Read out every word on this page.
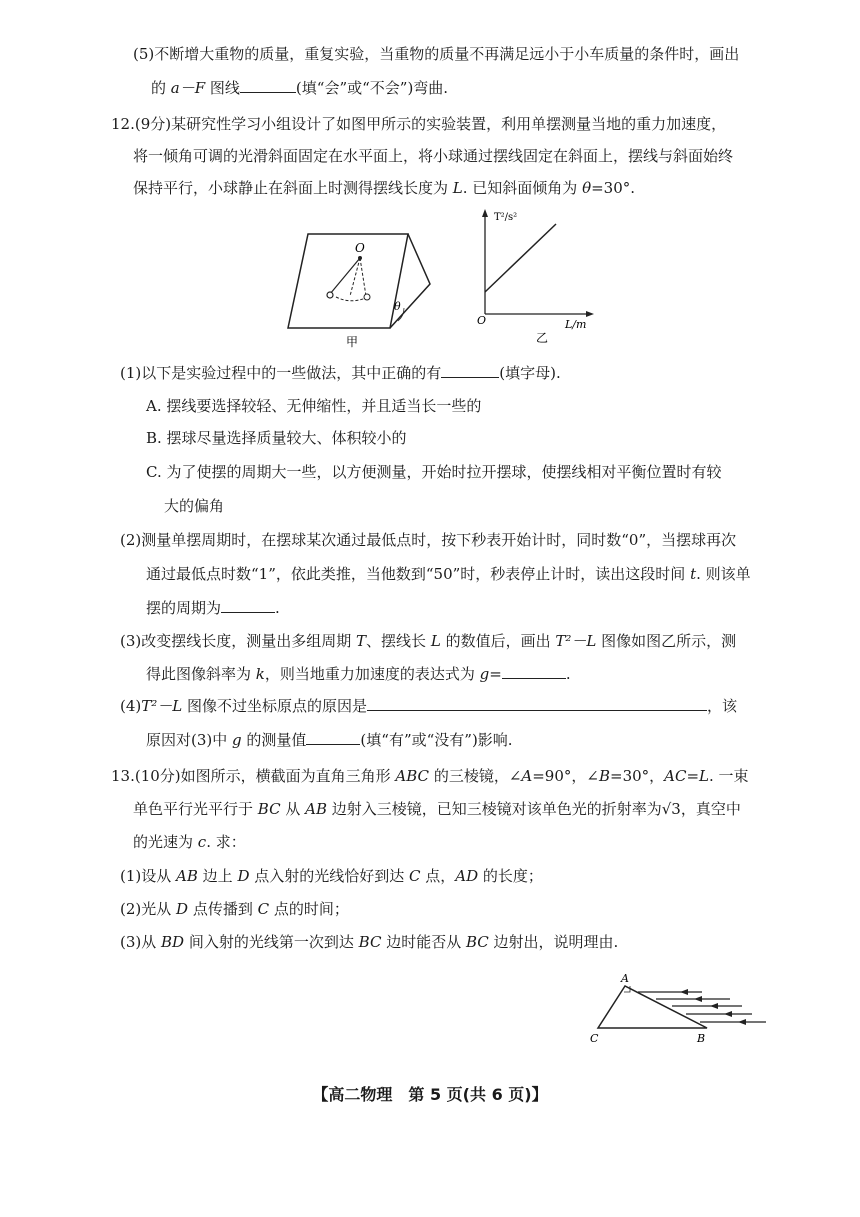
(5)不断增大重物的质量，重复实验，当重物的质量不再满足远小于小车质量的条件时，画出
的 a－F 图线	(填“会”或“不会”)弯曲.
12.(9分)某研究性学习小组设计了如图甲所示的实验装置，利用单摆测量当地的重力加速度，
将一倾角可调的光滑斜面固定在水平面上，将小球通过摆线固定在斜面上，摆线与斜面始终
保持平行，小球静止在斜面上时测得摆线长度为 L. 已知斜面倾角为 θ=30°.
O
θ
甲
T²/s²
O	L/m
乙
(1)以下是实验过程中的一些做法，其中正确的有	(填字母).
A. 摆线要选择较轻、无伸缩性，并且适当长一些的
B. 摆球尽量选择质量较大、体积较小的
C. 为了使摆的周期大一些，以方便测量，开始时拉开摆球，使摆线相对平衡位置时有较
大的偏角
(2)测量单摆周期时，在摆球某次通过最低点时，按下秒表开始计时，同时数“0”，当摆球再次
通过最低点时数“1”，依此类推，当他数到“50”时，秒表停止计时，读出这段时间 t. 则该单
摆的周期为	.
(3)改变摆线长度，测量出多组周期 T、摆线长 L 的数值后，画出 T²－L 图像如图乙所示，测
得此图像斜率为 k，则当地重力加速度的表达式为 g=	.
(4)T²－L 图像不过坐标原点的原因是	，该
原因对(3)中 g 的测量值	(填“有”或“没有”)影响.
13.(10分)如图所示，横截面为直角三角形 ABC 的三棱镜，∠A=90°，∠B=30°，AC=L. 一束
单色平行光平行于 BC 从 AB 边射入三棱镜，已知三棱镜对该单色光的折射率为√3，真空中
的光速为 c. 求：
(1)设从 AB 边上 D 点入射的光线恰好到达 C 点，AD 的长度；
(2)光从 D 点传播到 C 点的时间；
(3)从 BD 间入射的光线第一次到达 BC 边时能否从 BC 边射出，说明理由.
A
C	B
【高二物理　第 5 页(共 6 页)】
